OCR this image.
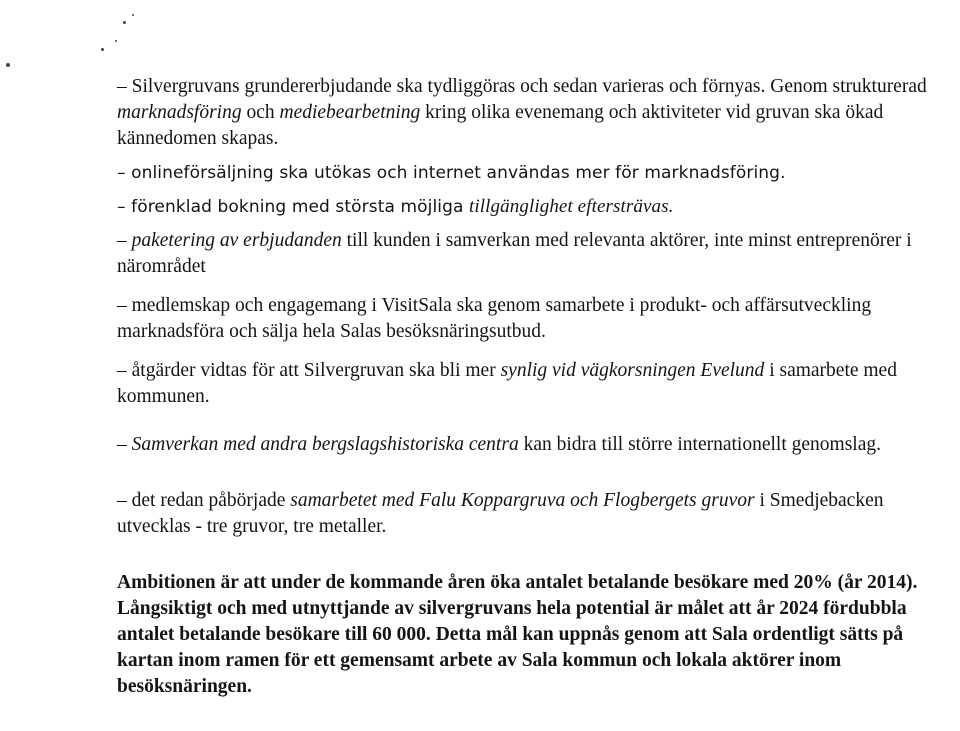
– Silvergruvans grundererbjudande ska tydliggöras och sedan varieras och förnyas. Genom strukturerad marknadsföring och mediebearbetning kring olika evenemang och aktiviteter vid gruvan ska ökad kännedomen skapas.

– onlineförsäljning ska utökas och internet användas mer för marknadsföring.

– förenklad bokning med största möjliga tillgänglighet eftersträvas.

– paketering av erbjudanden till kunden i samverkan med relevanta aktörer, inte minst entreprenörer i närområdet

– medlemskap och engagemang i VisitSala ska genom samarbete i produkt- och affärsutveckling marknadsföra och sälja hela Salas besöksnäringsutbud.

– åtgärder vidtas för att Silvergruvan ska bli mer synlig vid vägkorsningen Evelund i samarbete med kommunen.

– Samverkan med andra bergslagshistoriska centra kan bidra till större internationellt genomslag.

– det redan påbörjade samarbetet med Falu Koppargruva och Flogbergets gruvor i Smedjebacken utvecklas - tre gruvor, tre metaller.

Ambitionen är att under de kommande åren öka antalet betalande besökare med 20% (år 2014).

Långsiktigt och med utnyttjande av silvergruvans hela potential är målet att år 2024 fördubbla antalet betalande besökare till 60 000. Detta mål kan uppnås genom att Sala ordentligt sätts på kartan inom ramen för ett gemensamt arbete av Sala kommun och lokala aktörer inom besöksnäringen.
